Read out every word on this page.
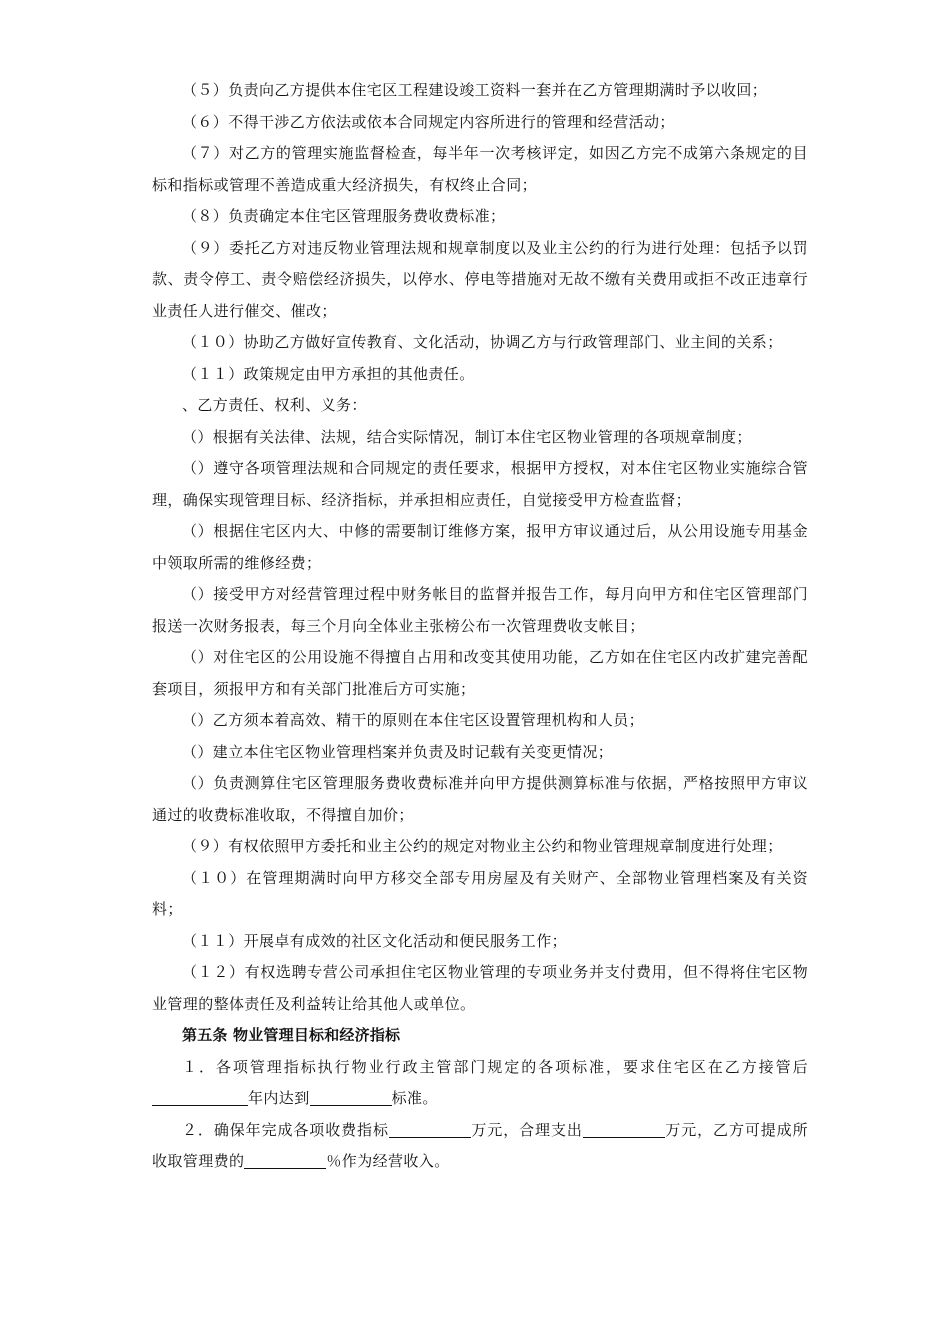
（５）负责向乙方提供本住宅区工程建设竣工资料一套并在乙方管理期满时予以收回；

（６）不得干涉乙方依法或依本合同规定内容所进行的管理和经营活动；

（７）对乙方的管理实施监督检查，每半年一次考核评定，如因乙方完不成第六条规定的目标和指标或管理不善造成重大经济损失，有权终止合同；

（８）负责确定本住宅区管理服务费收费标准；

（９）委托乙方对违反物业管理法规和规章制度以及业主公约的行为进行处理：包括予以罚款、责令停工、责令赔偿经济损失，以停水、停电等措施对无故不缴有关费用或拒不改正违章行业责任人进行催交、催改；

（１０）协助乙方做好宣传教育、文化活动，协调乙方与行政管理部门、业主间的关系；

（１１）政策规定由甲方承担的其他责任。

、乙方责任、权利、义务：

（）根据有关法律、法规，结合实际情况，制订本住宅区物业管理的各项规章制度；

（）遵守各项管理法规和合同规定的责任要求，根据甲方授权，对本住宅区物业实施综合管理，确保实现管理目标、经济指标，并承担相应责任，自觉接受甲方检查监督；

（）根据住宅区内大、中修的需要制订维修方案，报甲方审议通过后，从公用设施专用基金中领取所需的维修经费；

（）接受甲方对经营管理过程中财务帐目的监督并报告工作，每月向甲方和住宅区管理部门报送一次财务报表，每三个月向全体业主张榜公布一次管理费收支帐目；

（）对住宅区的公用设施不得擅自占用和改变其使用功能，乙方如在住宅区内改扩建完善配套项目，须报甲方和有关部门批准后方可实施；

（）乙方须本着高效、精干的原则在本住宅区设置管理机构和人员；

（）建立本住宅区物业管理档案并负责及时记载有关变更情况；

（）负责测算住宅区管理服务费收费标准并向甲方提供测算标准与依据，严格按照甲方审议通过的收费标准收取，不得擅自加价；

（９）有权依照甲方委托和业主公约的规定对物业主公约和物业管理规章制度进行处理；

（１０）在管理期满时向甲方移交全部专用房屋及有关财产、全部物业管理档案及有关资料；

（１１）开展卓有成效的社区文化活动和便民服务工作；

（１２）有权选聘专营公司承担住宅区物业管理的专项业务并支付费用，但不得将住宅区物业管理的整体责任及利益转让给其他人或单位。

第五条 物业管理目标和经济指标

１．各项管理指标执行物业行政主管部门规定的各项标准，要求住宅区在乙方接管后年内达到	标准。

２．确保年完成各项收费指标	万元，合理支出	万元，乙方可提成所收取管理费的	％作为经营收入。
